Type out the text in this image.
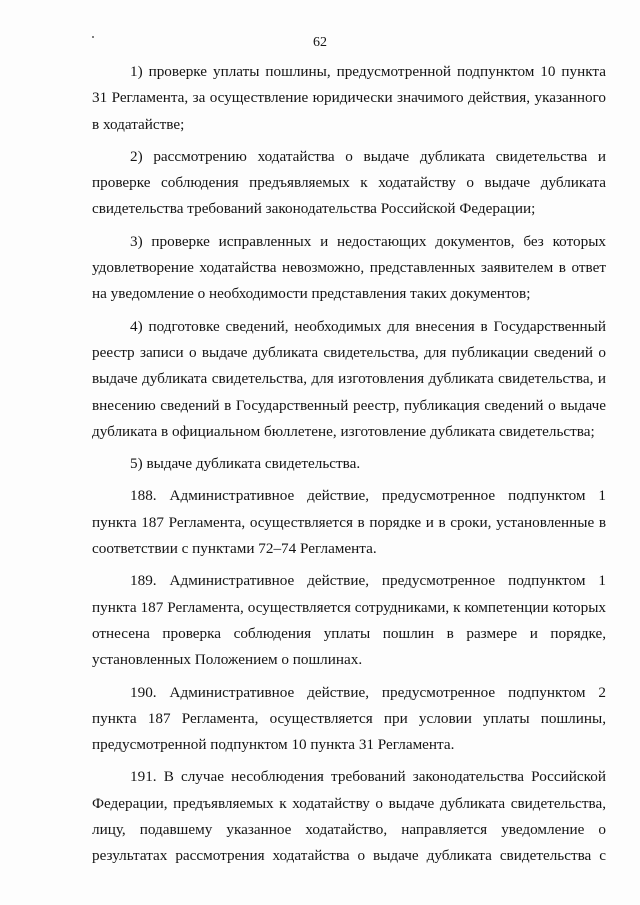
62

1) проверке уплаты пошлины, предусмотренной подпунктом 10 пункта 31 Регламента, за осуществление юридически значимого действия, указанного в ходатайстве;

2) рассмотрению ходатайства о выдаче дубликата свидетельства и проверке соблюдения предъявляемых к ходатайству о выдаче дубликата свидетельства требований законодательства Российской Федерации;

3) проверке исправленных и недостающих документов, без которых удовлетворение ходатайства невозможно, представленных заявителем в ответ на уведомление о необходимости представления таких документов;

4) подготовке сведений, необходимых для внесения в Государственный реестр записи о выдаче дубликата свидетельства, для публикации сведений о выдаче дубликата свидетельства, для изготовления дубликата свидетельства, и внесению сведений в Государственный реестр, публикация сведений о выдаче дубликата в официальном бюллетене, изготовление дубликата свидетельства;

5) выдаче дубликата свидетельства.

188. Административное действие, предусмотренное подпунктом 1 пункта 187 Регламента, осуществляется в порядке и в сроки, установленные в соответствии с пунктами 72–74 Регламента.

189. Административное действие, предусмотренное подпунктом 1 пункта 187 Регламента, осуществляется сотрудниками, к компетенции которых отнесена проверка соблюдения уплаты пошлин в размере и порядке, установленных Положением о пошлинах.

190. Административное действие, предусмотренное подпунктом 2 пункта 187 Регламента, осуществляется при условии уплаты пошлины, предусмотренной подпунктом 10 пункта 31 Регламента.

191. В случае несоблюдения требований законодательства Российской Федерации, предъявляемых к ходатайству о выдаче дубликата свидетельства, лицу, подавшему указанное ходатайство, направляется уведомление о результатах рассмотрения ходатайства о выдаче дубликата свидетельства с
